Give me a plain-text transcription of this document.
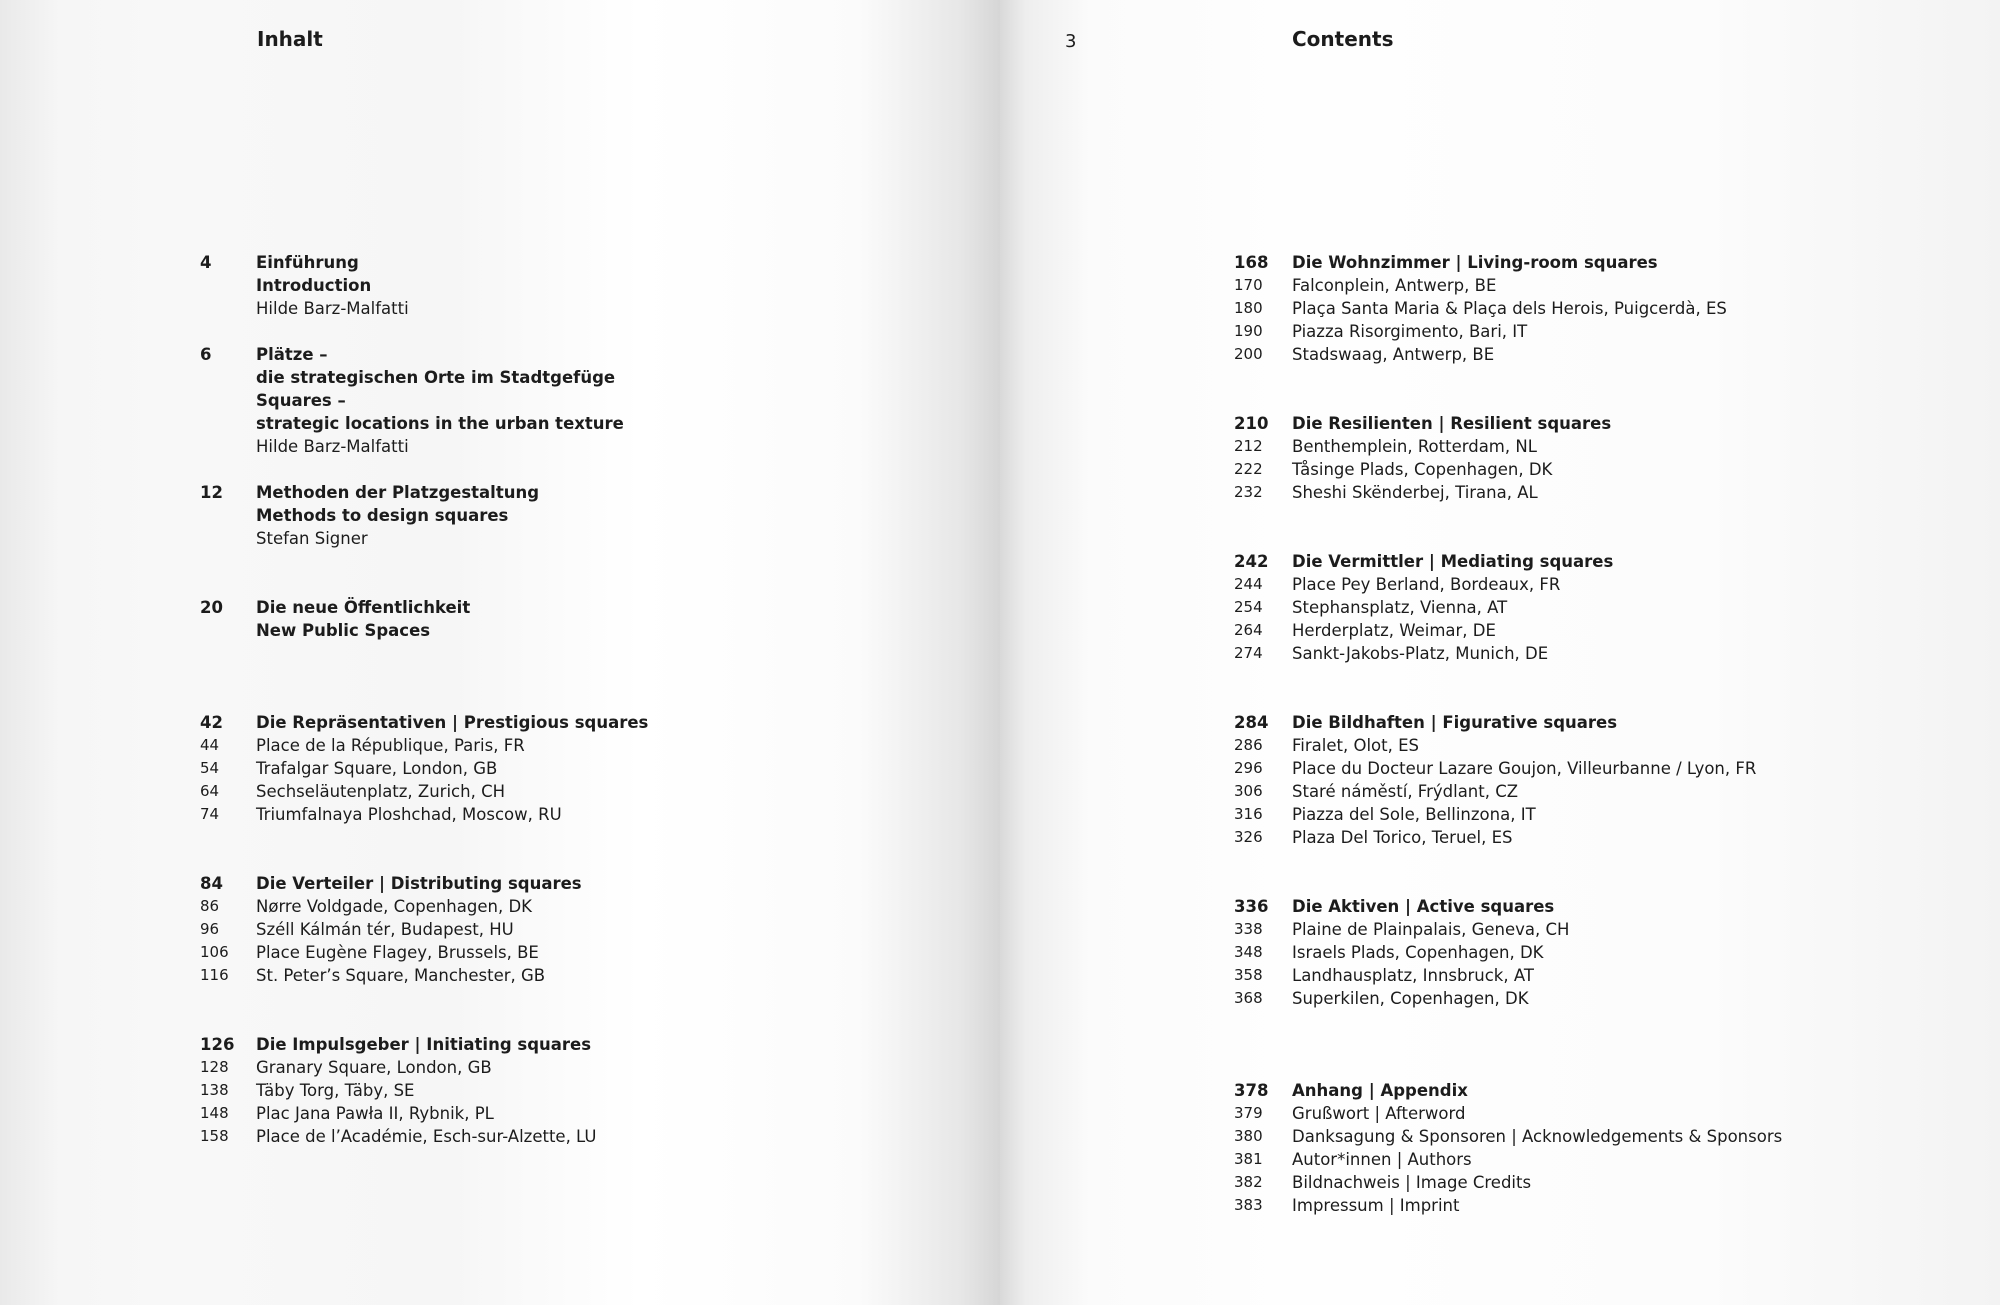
Inhalt
4	Einführung
Introduction
Hilde Barz-Malfatti
6	Plätze –
die strategischen Orte im Stadtgefüge
Squares –
strategic locations in the urban texture
Hilde Barz-Malfatti
12	Methoden der Platzgestaltung
Methods to design squares
Stefan Signer
20	Die neue Öffentlichkeit
New Public Spaces
42	Die Repräsentativen | Prestigious squares
44	Place de la République, Paris, FR
54	Trafalgar Square, London, GB
64	Sechseläutenplatz, Zurich, CH
74	Triumfalnaya Ploshchad, Moscow, RU
84	Die Verteiler | Distributing squares
86	Nørre Voldgade, Copenhagen, DK
96	Széll Kálmán tér, Budapest, HU
106	Place Eugène Flagey, Brussels, BE
116	St. Peter’s Square, Manchester, GB
126	Die Impulsgeber | Initiating squares
128	Granary Square, London, GB
138	Täby Torg, Täby, SE
148	Plac Jana Pawła II, Rybnik, PL
158	Place de l’Académie, Esch-sur-Alzette, LU
3	Contents
168	Die Wohnzimmer | Living-room squares
170	Falconplein, Antwerp, BE
180	Plaça Santa Maria & Plaça dels Herois, Puigcerdà, ES
190	Piazza Risorgimento, Bari, IT
200	Stadswaag, Antwerp, BE
210	Die Resilienten | Resilient squares
212	Benthemplein, Rotterdam, NL
222	Tåsinge Plads, Copenhagen, DK
232	Sheshi Skënderbej, Tirana, AL
242	Die Vermittler | Mediating squares
244	Place Pey Berland, Bordeaux, FR
254	Stephansplatz, Vienna, AT
264	Herderplatz, Weimar, DE
274	Sankt-Jakobs-Platz, Munich, DE
284	Die Bildhaften | Figurative squares
286	Firalet, Olot, ES
296	Place du Docteur Lazare Goujon, Villeurbanne / Lyon, FR
306	Staré náměstí, Frýdlant, CZ
316	Piazza del Sole, Bellinzona, IT
326	Plaza Del Torico, Teruel, ES
336	Die Aktiven | Active squares
338	Plaine de Plainpalais, Geneva, CH
348	Israels Plads, Copenhagen, DK
358	Landhausplatz, Innsbruck, AT
368	Superkilen, Copenhagen, DK
378	Anhang | Appendix
379	Grußwort | Afterword
380	Danksagung & Sponsoren | Acknowledgements & Sponsors
381	Autor*innen | Authors
382	Bildnachweis | Image Credits
383	Impressum | Imprint
